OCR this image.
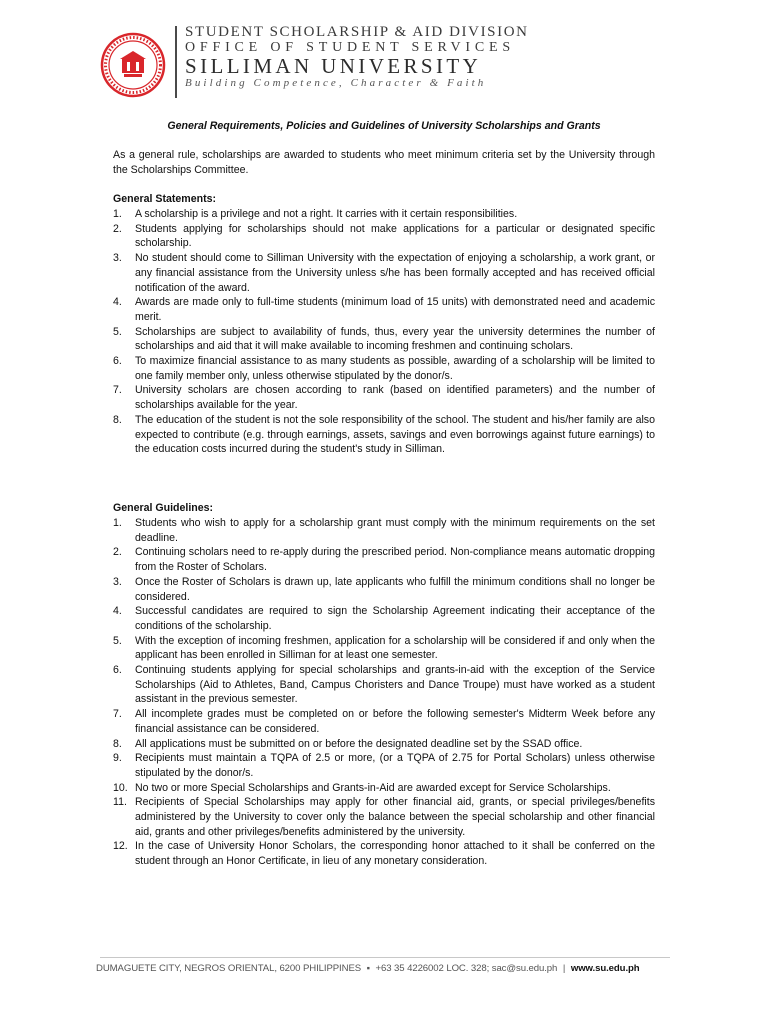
STUDENT SCHOLARSHIP & AID DIVISION
OFFICE OF STUDENT SERVICES
SILLIMAN UNIVERSITY
Building Competence, Character & Faith
General Requirements, Policies and Guidelines of University Scholarships and Grants
As a general rule, scholarships are awarded to students who meet minimum criteria set by the University through the Scholarships Committee.
General Statements:
1. A scholarship is a privilege and not a right. It carries with it certain responsibilities.
2. Students applying for scholarships should not make applications for a particular or designated specific scholarship.
3. No student should come to Silliman University with the expectation of enjoying a scholarship, a work grant, or any financial assistance from the University unless s/he has been formally accepted and has received official notification of the award.
4. Awards are made only to full-time students (minimum load of 15 units) with demonstrated need and academic merit.
5. Scholarships are subject to availability of funds, thus, every year the university determines the number of scholarships and aid that it will make available to incoming freshmen and continuing scholars.
6. To maximize financial assistance to as many students as possible, awarding of a scholarship will be limited to one family member only, unless otherwise stipulated by the donor/s.
7. University scholars are chosen according to rank (based on identified parameters) and the number of scholarships available for the year.
8. The education of the student is not the sole responsibility of the school. The student and his/her family are also expected to contribute (e.g. through earnings, assets, savings and even borrowings against future earnings) to the education costs incurred during the student's study in Silliman.
General Guidelines:
1. Students who wish to apply for a scholarship grant must comply with the minimum requirements on the set deadline.
2. Continuing scholars need to re-apply during the prescribed period. Non-compliance means automatic dropping from the Roster of Scholars.
3. Once the Roster of Scholars is drawn up, late applicants who fulfill the minimum conditions shall no longer be considered.
4. Successful candidates are required to sign the Scholarship Agreement indicating their acceptance of the conditions of the scholarship.
5. With the exception of incoming freshmen, application for a scholarship will be considered if and only when the applicant has been enrolled in Silliman for at least one semester.
6. Continuing students applying for special scholarships and grants-in-aid with the exception of the Service Scholarships (Aid to Athletes, Band, Campus Choristers and Dance Troupe) must have worked as a student assistant in the previous semester.
7. All incomplete grades must be completed on or before the following semester's Midterm Week before any financial assistance can be considered.
8. All applications must be submitted on or before the designated deadline set by the SSAD office.
9. Recipients must maintain a TQPA of 2.5 or more, (or a TQPA of 2.75 for Portal Scholars) unless otherwise stipulated by the donor/s.
10. No two or more Special Scholarships and Grants-in-Aid are awarded except for Service Scholarships.
11. Recipients of Special Scholarships may apply for other financial aid, grants, or special privileges/benefits administered by the University to cover only the balance between the special scholarship and other financial aid, grants and other privileges/benefits administered by the university.
12. In the case of University Honor Scholars, the corresponding honor attached to it shall be conferred on the student through an Honor Certificate, in lieu of any monetary consideration.
DUMAGUETE CITY, NEGROS ORIENTAL, 6200 PHILIPPINES ▪ +63 35 4226002 LOC. 328; sac@su.edu.ph | www.su.edu.ph
